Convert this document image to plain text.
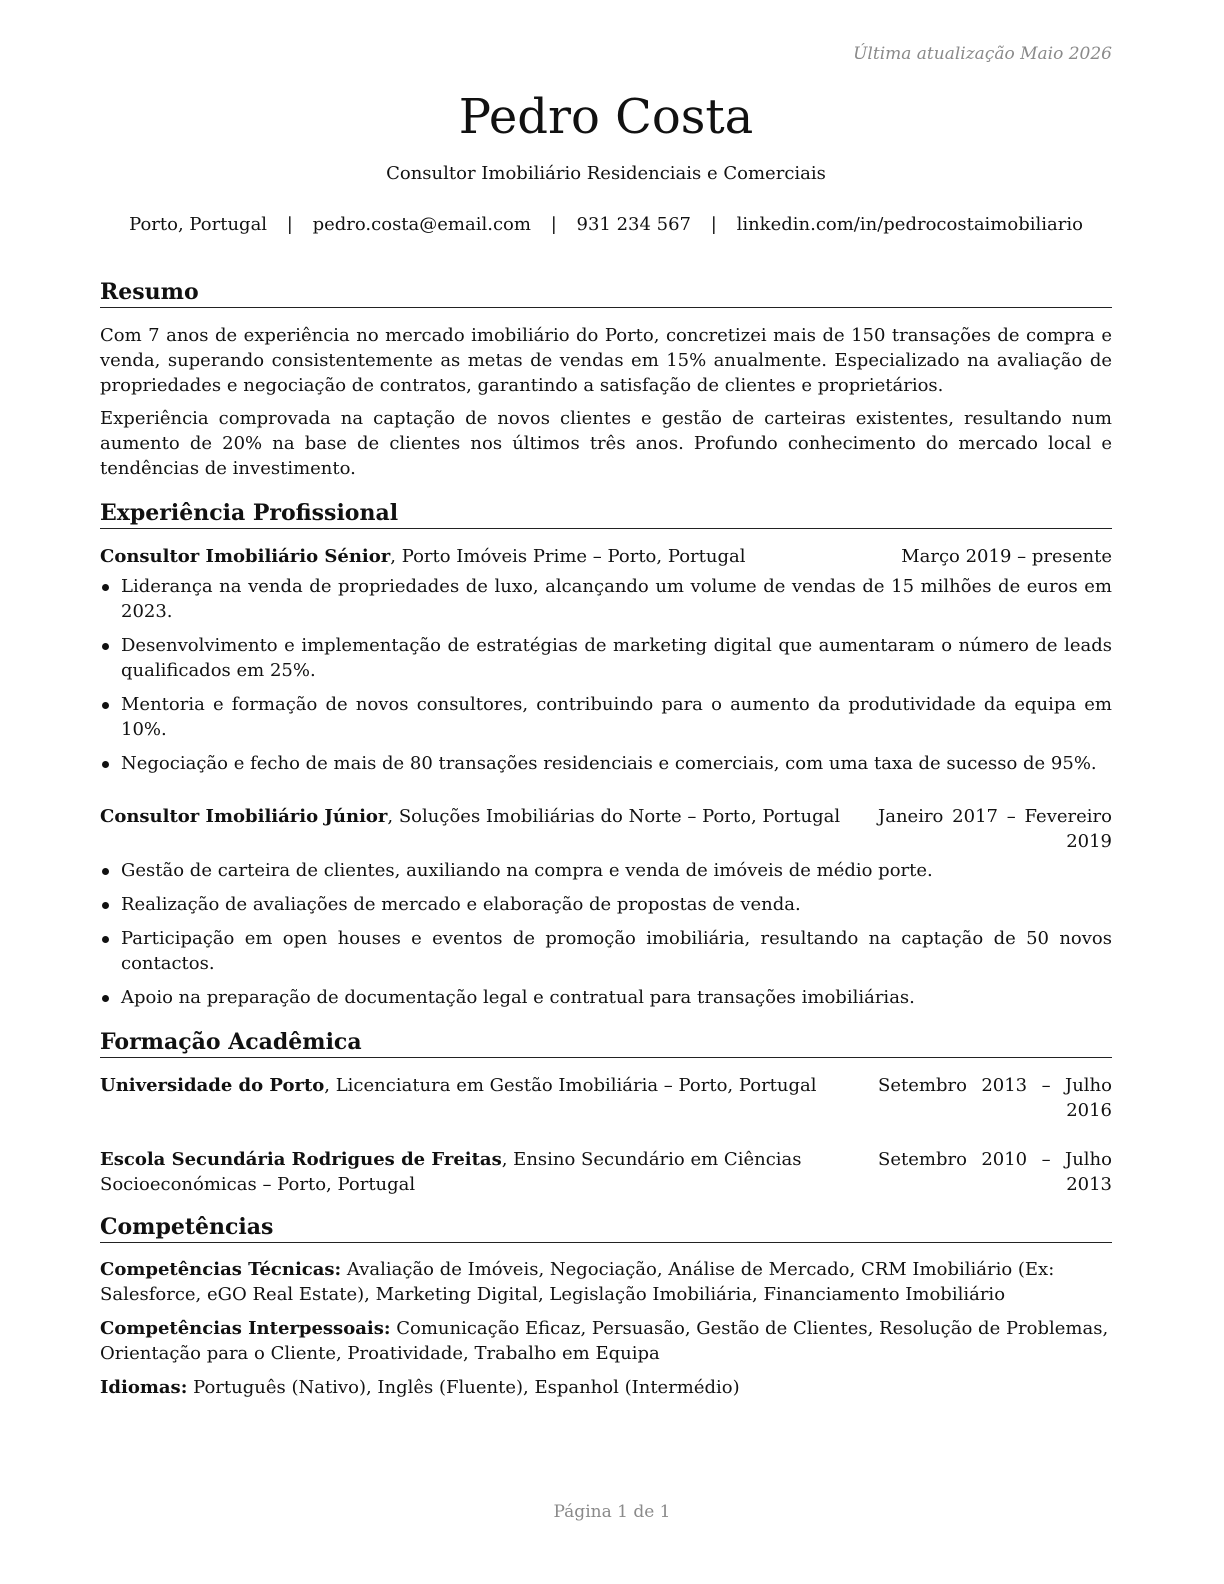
Última atualização Maio 2026
Pedro Costa
Consultor Imobiliário Residenciais e Comerciais
Porto, Portugal | pedro.costa@email.com | 931 234 567 | linkedin.com/in/pedrocostaimobiliario
Resumo

Com 7 anos de experiência no mercado imobiliário do Porto, concretizei mais de 150 transações de compra e venda, superando consistentemente as metas de vendas em 15% anualmente. Especializado na avaliação de propriedades e negociação de contratos, garantindo a satisfação de clientes e proprietários.

Experiência comprovada na captação de novos clientes e gestão de carteiras existentes, resultando num aumento de 20% na base de clientes nos últimos três anos. Profundo conhecimento do mercado local e tendências de investimento.

Experiência Profissional
Consultor Imobiliário Sénior, Porto Imóveis Prime – Porto, Portugal	Março 2019 – presente
Liderança na venda de propriedades de luxo, alcançando um volume de vendas de 15 milhões de euros em 2023.
Desenvolvimento e implementação de estratégias de marketing digital que aumentaram o número de leads qualificados em 25%.
Mentoria e formação de novos consultores, contribuindo para o aumento da produtividade da equipa em 10%.
Negociação e fecho de mais de 80 transações residenciais e comerciais, com uma taxa de sucesso de 95%.
Consultor Imobiliário Júnior, Soluções Imobiliárias do Norte – Porto, Portugal	Janeiro 2017 – Fevereiro
2019
Gestão de carteira de clientes, auxiliando na compra e venda de imóveis de médio porte.
Realização de avaliações de mercado e elaboração de propostas de venda.
Participação em open houses e eventos de promoção imobiliária, resultando na captação de 50 novos contactos.
Apoio na preparação de documentação legal e contratual para transações imobiliárias.
Formação Acadêmica
Universidade do Porto, Licenciatura em Gestão Imobiliária – Porto, Portugal	Setembro 2013 – Julho
2016
Escola Secundária Rodrigues de Freitas, Ensino Secundário em Ciências Socioeconómicas – Porto, Portugal
Setembro 2010 – Julho
2013
Competências

Competências Técnicas: Avaliação de Imóveis, Negociação, Análise de Mercado, CRM Imobiliário (Ex: Salesforce, eGO Real Estate), Marketing Digital, Legislação Imobiliária, Financiamento Imobiliário

Competências Interpessoais: Comunicação Eficaz, Persuasão, Gestão de Clientes, Resolução de Problemas, Orientação para o Cliente, Proatividade, Trabalho em Equipa

Idiomas: Português (Nativo), Inglês (Fluente), Espanhol (Intermédio)

Página 1 de 1
